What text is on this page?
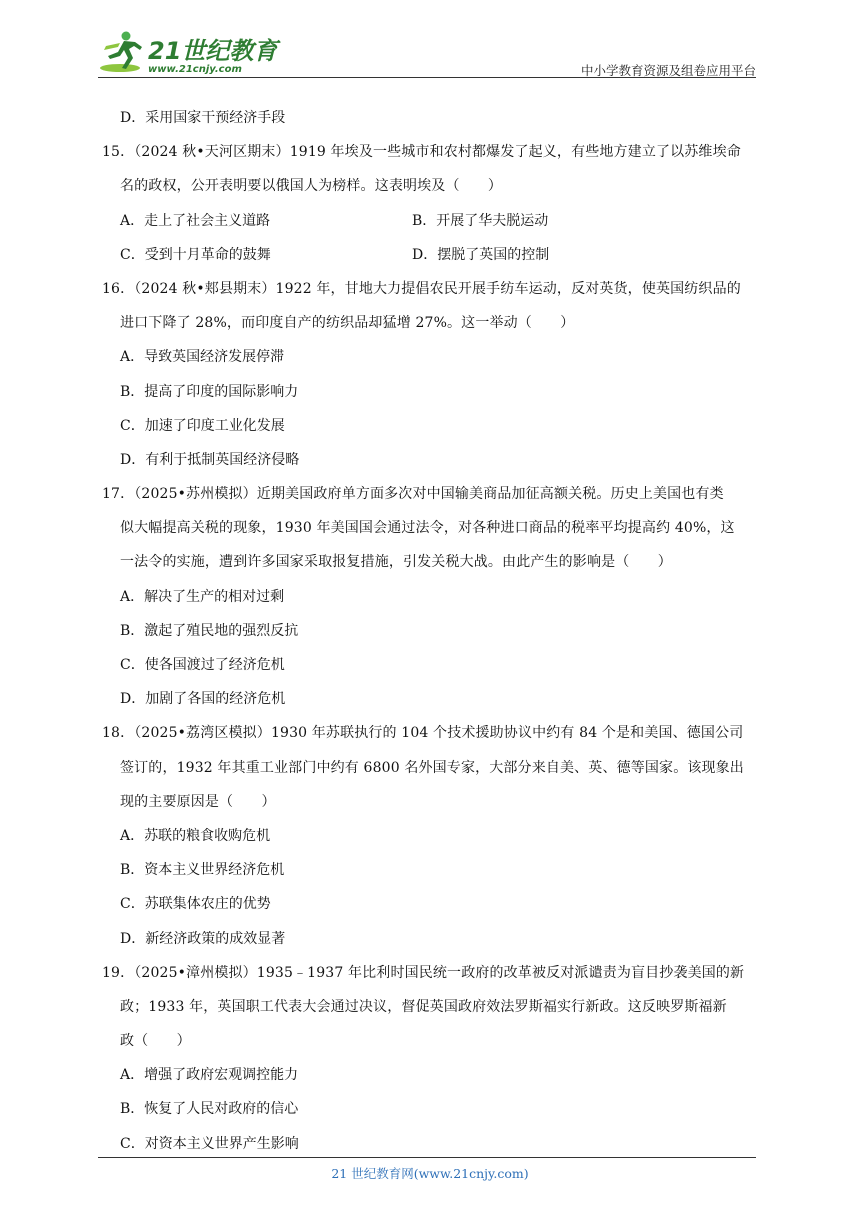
21世纪教育
www.21cnjy.com	中小学教育资源及组卷应用平台
D．采用国家干预经济手段
15．（2024 秋•天河区期末）1919 年埃及一些城市和农村都爆发了起义，有些地方建立了以苏维埃命
名的政权，公开表明要以俄国人为榜样。这表明埃及（　　）
A．走上了社会主义道路	B．开展了华夫脱运动
C．受到十月革命的鼓舞	D．摆脱了英国的控制
16．（2024 秋•郏县期末）1922 年，甘地大力提倡农民开展手纺车运动，反对英货，使英国纺织品的
进口下降了 28%，而印度自产的纺织品却猛增 27%。这一举动（　　）
A．导致英国经济发展停滞
B．提高了印度的国际影响力
C．加速了印度工业化发展
D．有利于抵制英国经济侵略
17．（2025•苏州模拟）近期美国政府单方面多次对中国输美商品加征高额关税。历史上美国也有类
似大幅提高关税的现象，1930 年美国国会通过法令，对各种进口商品的税率平均提高约 40%，这
一法令的实施，遭到许多国家采取报复措施，引发关税大战。由此产生的影响是（　　）
A．解决了生产的相对过剩
B．激起了殖民地的强烈反抗
C．使各国渡过了经济危机
D．加剧了各国的经济危机
18．（2025•荔湾区模拟）1930 年苏联执行的 104 个技术援助协议中约有 84 个是和美国、德国公司
签订的，1932 年其重工业部门中约有 6800 名外国专家，大部分来自美、英、德等国家。该现象出
现的主要原因是（　　）
A．苏联的粮食收购危机
B．资本主义世界经济危机
C．苏联集体农庄的优势
D．新经济政策的成效显著
19．（2025•漳州模拟）1935﹣1937 年比利时国民统一政府的改革被反对派谴责为盲目抄袭美国的新
政；1933 年，英国职工代表大会通过决议，督促英国政府效法罗斯福实行新政。这反映罗斯福新
政（　　）
A．增强了政府宏观调控能力
B．恢复了人民对政府的信心
C．对资本主义世界产生影响
21 世纪教育网(www.21cnjy.com)
